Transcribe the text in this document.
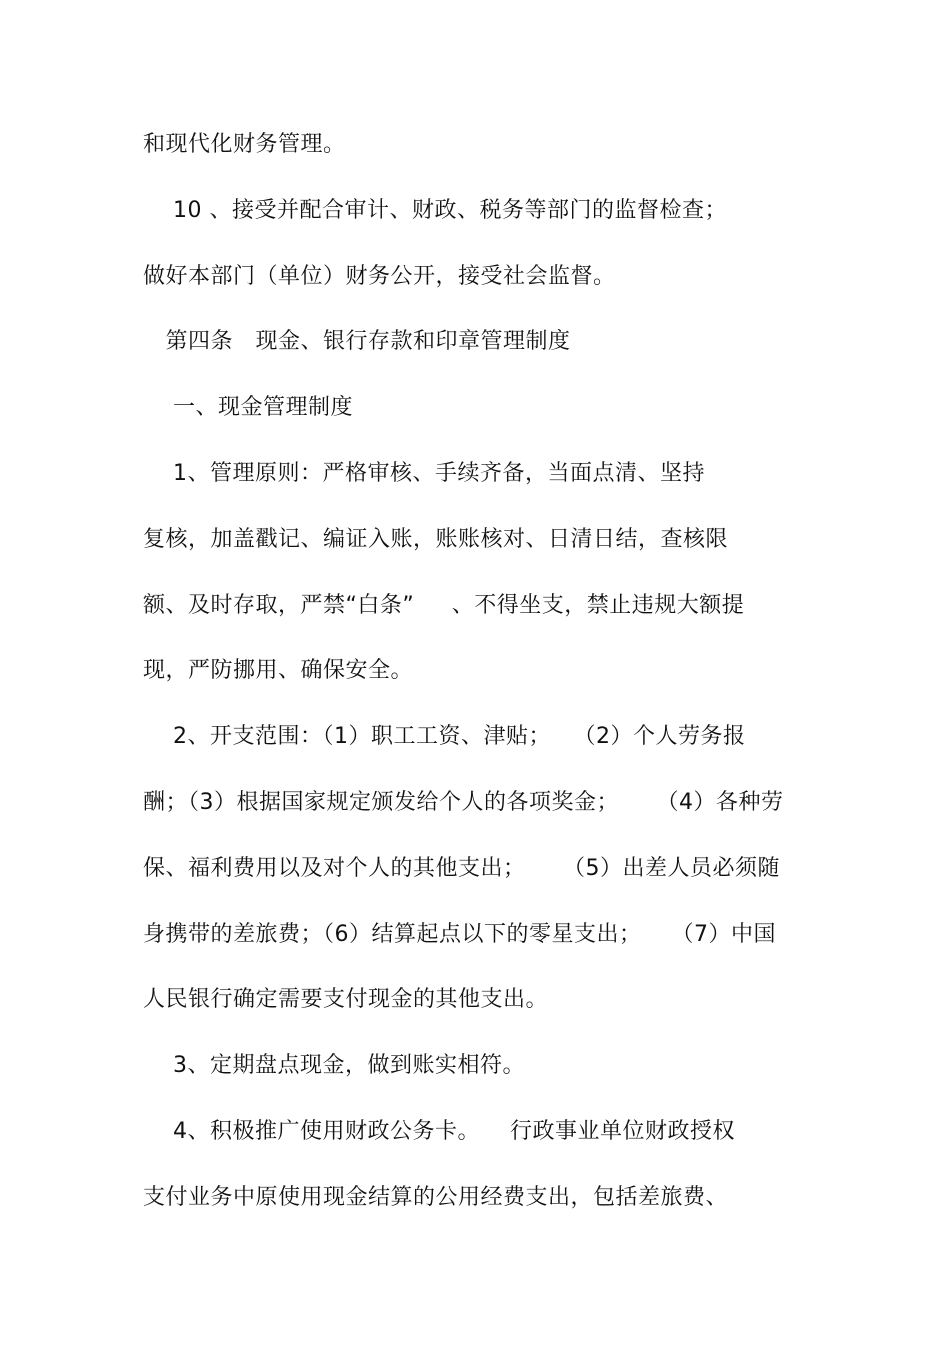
和现代化财务管理。
10 、接受并配合审计、财政、税务等部门的监督检查；
做好本部门（单位）财务公开，接受社会监督。
第四条   现金、银行存款和印章管理制度
一、现金管理制度
1、管理原则：严格审核、手续齐备，当面点清、坚持
复核，加盖戳记、编证入账，账账核对、日清日结，查核限
额、及时存取，严禁“白条”     、不得坐支，禁止违规大额提
现，严防挪用、确保安全。
2、开支范围：（1）职工工资、津贴；   （2）个人劳务报
酬；（3）根据国家规定颁发给个人的各项奖金；     （4）各种劳
保、福利费用以及对个人的其他支出；     （5）出差人员必须随
身携带的差旅费；（6）结算起点以下的零星支出；    （7）中国
人民银行确定需要支付现金的其他支出。
3、定期盘点现金，做到账实相符。
4、积极推广使用财政公务卡。    行政事业单位财政授权
支付业务中原使用现金结算的公用经费支出，包括差旅费、
